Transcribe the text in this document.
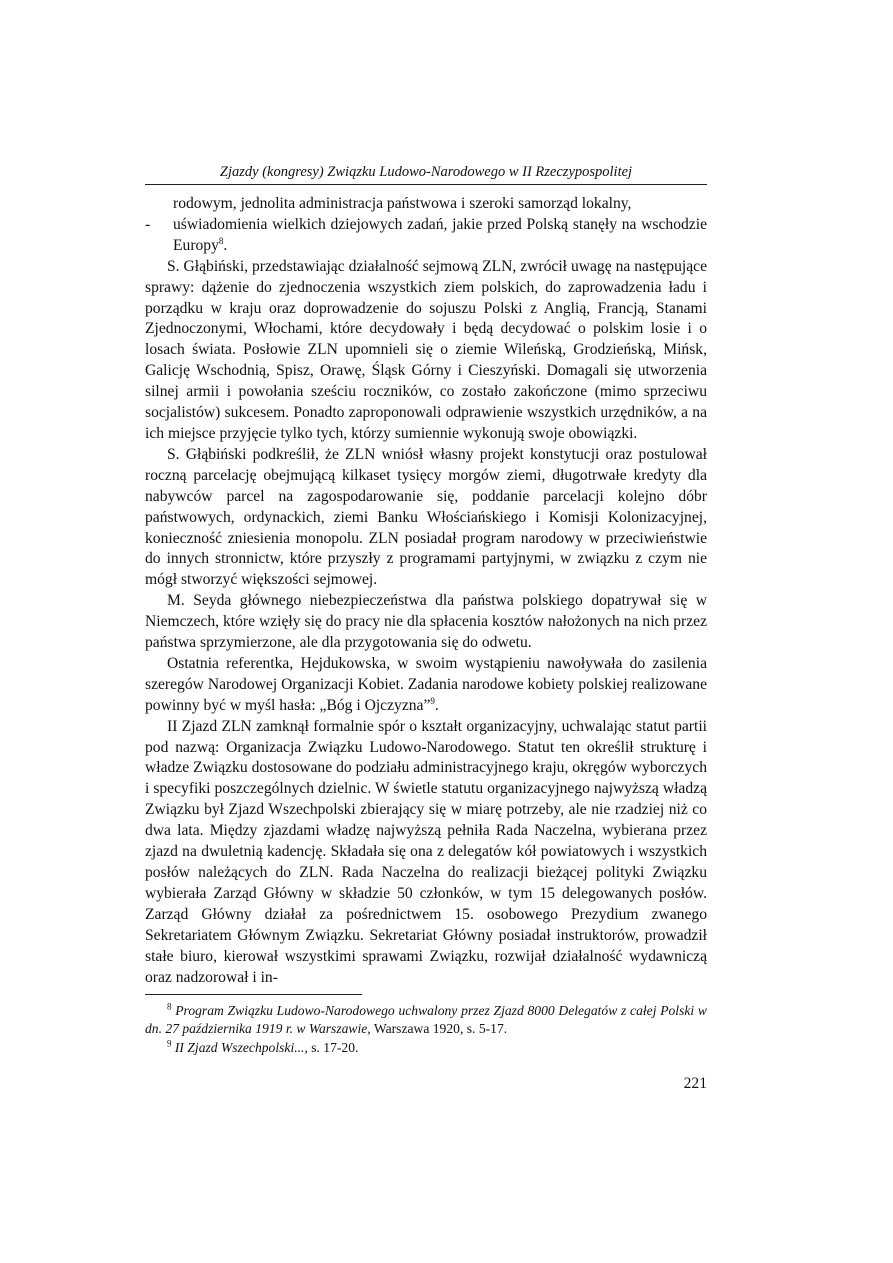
Zjazdy (kongresy) Związku Ludowo-Narodowego w II Rzeczypospolitej

rodowym, jednolita administracja państwowa i szeroki samorząd lokalny,

- uświadomienia wielkich dziejowych zadań, jakie przed Polską stanęły na wschodzie Europy$^8$.

S. Głąbiński, przedstawiając działalność sejmową ZLN, zwrócił uwagę na następujące sprawy: dążenie do zjednoczenia wszystkich ziem polskich, do zaprowadzenia ładu i porządku w kraju oraz doprowadzenie do sojuszu Polski z Anglią, Francją, Stanami Zjednoczonymi, Włochami, które decydowały i będą decydować o polskim losie i o losach świata. Posłowie ZLN upomnieli się o ziemie Wileńską, Grodzieńską, Mińsk, Galicję Wschodnią, Spisz, Orawę, Śląsk Górny i Cieszyński. Domagali się utworzenia silnej armii i powołania sześciu roczników, co zostało zakończone (mimo sprzeciwu socjalistów) sukcesem. Ponadto zaproponowali odprawienie wszystkich urzędników, a na ich miejsce przyjęcie tylko tych, którzy sumiennie wykonują swoje obowiązki.

S. Głąbiński podkreślił, że ZLN wniósł własny projekt konstytucji oraz postulował roczną parcelację obejmującą kilkaset tysięcy morgów ziemi, długotrwałe kredyty dla nabywców parcel na zagospodarowanie się, poddanie parcelacji kolejno dóbr państwowych, ordynackich, ziemi Banku Włościańskiego i Komisji Kolonizacyjnej, konieczność zniesienia monopolu. ZLN posiadał program narodowy w przeciwieństwie do innych stronnictw, które przyszły z programami partyjnymi, w związku z czym nie mógł stworzyć większości sejmowej.

M. Seyda głównego niebezpieczeństwa dla państwa polskiego dopatrywał się w Niemczech, które wzięły się do pracy nie dla spłacenia kosztów nałożonych na nich przez państwa sprzymierzone, ale dla przygotowania się do odwetu.

Ostatnia referentka, Hejdukowska, w swoim wystąpieniu nawoływała do zasilenia szeregów Narodowej Organizacji Kobiet. Zadania narodowe kobiety polskiej realizowane powinny być w myśl hasła: „Bóg i Ojczyzna”$^9$.

II Zjazd ZLN zamknął formalnie spór o kształt organizacyjny, uchwalając statut partii pod nazwą: Organizacja Związku Ludowo-Narodowego. Statut ten określił strukturę i władze Związku dostosowane do podziału administracyjnego kraju, okręgów wyborczych i specyfiki poszczególnych dzielnic. W świetle statutu organizacyjnego najwyższą władzą Związku był Zjazd Wszechpolski zbierający się w miarę potrzeby, ale nie rzadziej niż co dwa lata. Między zjazdami władzę najwyższą pełniła Rada Naczelna, wybierana przez zjazd na dwuletnią kadencję. Składała się ona z delegatów kół powiatowych i wszystkich posłów należących do ZLN. Rada Naczelna do realizacji bieżącej polityki Związku wybierała Zarząd Główny w składzie 50 członków, w tym 15 delegowanych posłów. Zarząd Główny działał za pośrednictwem 15. osobowego Prezydium zwanego Sekretariatem Głównym Związku. Sekretariat Główny posiadał instruktorów, prowadził stałe biuro, kierował wszystkimi sprawami Związku, rozwijał działalność wydawniczą oraz nadzorował i in-

$^8$ Program Związku Ludowo-Narodowego uchwalony przez Zjazd 8000 Delegatów z całej Polski w dn. 27 października 1919 r. w Warszawie, Warszawa 1920, s. 5-17.

$^9$ II Zjazd Wszechpolski..., s. 17-20.

221
